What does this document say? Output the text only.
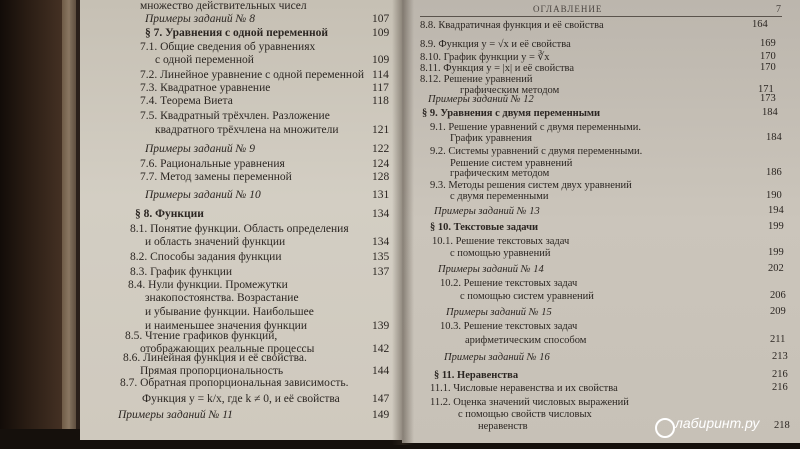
ОГЛАВЛЕНИЕ	7
множество действительных чисел
Примеры заданий № 8	107
§ 7. Уравнения с одной переменной	109
7.1. Общие сведения об уравнениях
с одной переменной	109
7.2. Линейное уравнение с одной переменной 114
7.3. Квадратное уравнение	117
7.4. Теорема Виета	118
7.5. Квадратный трёхчлен. Разложение
квадратного трёхчлена на множители	121
Примеры заданий № 9	122
7.6. Рациональные уравнения	124
7.7. Метод замены переменной	128
Примеры заданий № 10	131
§ 8. Функции	134
8.1. Понятие функции. Область определения
и область значений функции	134
8.2. Способы задания функции	135
8.3. График функции	137
8.4. Нули функции. Промежутки
знакопостоянства. Возрастание
и убывание функции. Наибольшее
и наименьшее значения функции	139
8.5. Чтение графиков функций,
отображающих реальные процессы	142
8.6. Линейная функция и её свойства.
Прямая пропорциональность	144
8.7. Обратная пропорциональная зависимость.
Функция y = k/x, где k ≠ 0, и её свойства	147
Примеры заданий № 11	149
8.8. Квадратичная функция и её свойства	164
8.9. Функция y = √x и её свойства	169
8.10. График функции y = ∛x	170
8.11. Функция y = |x| и её свойства	170
8.12. Решение уравнений
графическим методом	171
Примеры заданий № 12	173
§ 9. Уравнения с двумя переменными	184
9.1. Решение уравнений с двумя переменными.
График уравнения	184
9.2. Системы уравнений с двумя переменными.
Решение систем уравнений
графическим методом	186
9.3. Методы решения систем двух уравнений
с двумя переменными	190
Примеры заданий № 13	194
§ 10. Текстовые задачи	199
10.1. Решение текстовых задач
с помощью уравнений	199
Примеры заданий № 14	202
10.2. Решение текстовых задач
с помощью систем уравнений	206
Примеры заданий № 15	209
10.3. Решение текстовых задач
арифметическим способом	211
Примеры заданий № 16	213
§ 11. Неравенства	216
11.1. Числовые неравенства и их свойства	216
11.2. Оценка значений числовых выражений
с помощью свойств числовых
неравенств	218
лабиринт.ру
